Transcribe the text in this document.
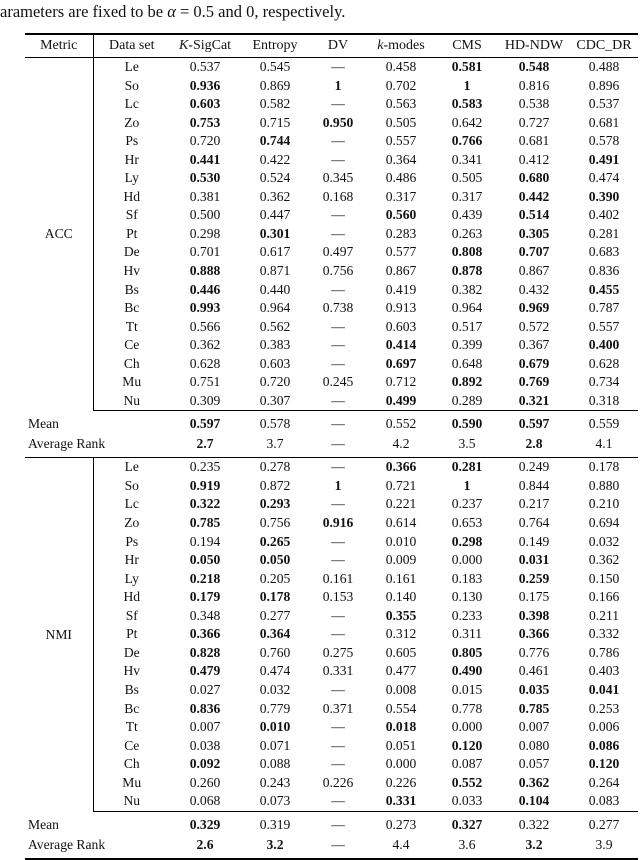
arameters are fixed to be α = 0.5 and 0, respectively.
Metric	Data set	K-SigCat	Entropy	DV	k-modes	CMS	HD-NDW	CDC_DR
ACC	Le	0.537	0.545	—	0.458	0.581	0.548	0.488
	So	0.936	0.869	1	0.702	1	0.816	0.896
	Lc	0.603	0.582	—	0.563	0.583	0.538	0.537
	Zo	0.753	0.715	0.950	0.505	0.642	0.727	0.681
	Ps	0.720	0.744	—	0.557	0.766	0.681	0.578
	Hr	0.441	0.422	—	0.364	0.341	0.412	0.491
	Ly	0.530	0.524	0.345	0.486	0.505	0.680	0.474
	Hd	0.381	0.362	0.168	0.317	0.317	0.442	0.390
	Sf	0.500	0.447	—	0.560	0.439	0.514	0.402
	Pt	0.298	0.301	—	0.283	0.263	0.305	0.281
	De	0.701	0.617	0.497	0.577	0.808	0.707	0.683
	Hv	0.888	0.871	0.756	0.867	0.878	0.867	0.836
	Bs	0.446	0.440	—	0.419	0.382	0.432	0.455
	Bc	0.993	0.964	0.738	0.913	0.964	0.969	0.787
	Tt	0.566	0.562	—	0.603	0.517	0.572	0.557
	Ce	0.362	0.383	—	0.414	0.399	0.367	0.400
	Ch	0.628	0.603	—	0.697	0.648	0.679	0.628
	Mu	0.751	0.720	0.245	0.712	0.892	0.769	0.734
	Nu	0.309	0.307	—	0.499	0.289	0.321	0.318
Mean		0.597	0.578	—	0.552	0.590	0.597	0.559
Average Rank		2.7	3.7	—	4.2	3.5	2.8	4.1
NMI	Le	0.235	0.278	—	0.366	0.281	0.249	0.178
	So	0.919	0.872	1	0.721	1	0.844	0.880
	Lc	0.322	0.293	—	0.221	0.237	0.217	0.210
	Zo	0.785	0.756	0.916	0.614	0.653	0.764	0.694
	Ps	0.194	0.265	—	0.010	0.298	0.149	0.032
	Hr	0.050	0.050	—	0.009	0.000	0.031	0.362
	Ly	0.218	0.205	0.161	0.161	0.183	0.259	0.150
	Hd	0.179	0.178	0.153	0.140	0.130	0.175	0.166
	Sf	0.348	0.277	—	0.355	0.233	0.398	0.211
	Pt	0.366	0.364	—	0.312	0.311	0.366	0.332
	De	0.828	0.760	0.275	0.605	0.805	0.776	0.786
	Hv	0.479	0.474	0.331	0.477	0.490	0.461	0.403
	Bs	0.027	0.032	—	0.008	0.015	0.035	0.041
	Bc	0.836	0.779	0.371	0.554	0.778	0.785	0.253
	Tt	0.007	0.010	—	0.018	0.000	0.007	0.006
	Ce	0.038	0.071	—	0.051	0.120	0.080	0.086
	Ch	0.092	0.088	—	0.000	0.087	0.057	0.120
	Mu	0.260	0.243	0.226	0.226	0.552	0.362	0.264
	Nu	0.068	0.073	—	0.331	0.033	0.104	0.083
Mean		0.329	0.319	—	0.273	0.327	0.322	0.277
Average Rank		2.6	3.2	—	4.4	3.6	3.2	3.9
